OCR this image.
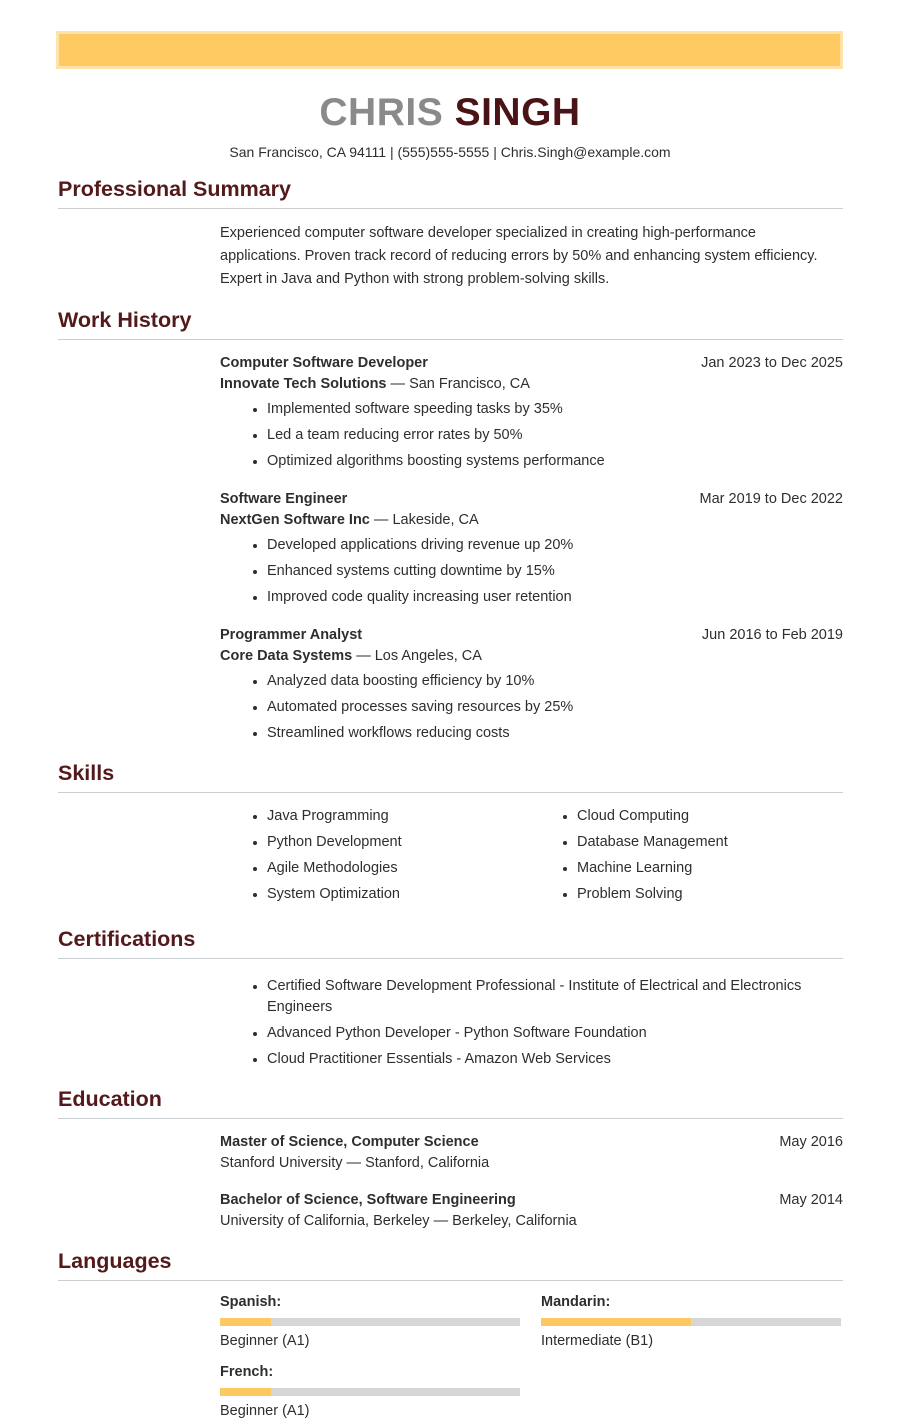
CHRIS SINGH
San Francisco, CA 94111 | (555)555-5555 | Chris.Singh@example.com
Professional Summary

Experienced computer software developer specialized in creating high-performance applications. Proven track record of reducing errors by 50% and enhancing system efficiency. Expert in Java and Python with strong problem-solving skills.

Work History
Computer Software Developer	Jan 2023 to Dec 2025
Innovate Tech Solutions — San Francisco, CA
• Implemented software speeding tasks by 35%
• Led a team reducing error rates by 50%
• Optimized algorithms boosting systems performance
Software Engineer	Mar 2019 to Dec 2022
NextGen Software Inc — Lakeside, CA
• Developed applications driving revenue up 20%
• Enhanced systems cutting downtime by 15%
• Improved code quality increasing user retention
Programmer Analyst	Jun 2016 to Feb 2019
Core Data Systems — Los Angeles, CA
• Analyzed data boosting efficiency by 10%
• Automated processes saving resources by 25%
• Streamlined workflows reducing costs
Skills
• Java Programming
• Python Development
• Agile Methodologies
• System Optimization
• Cloud Computing
• Database Management
• Machine Learning
• Problem Solving
Certifications
• Certified Software Development Professional - Institute of Electrical and Electronics Engineers
• Advanced Python Developer - Python Software Foundation
• Cloud Practitioner Essentials - Amazon Web Services
Education
Master of Science, Computer Science	May 2016
Stanford University — Stanford, California
Bachelor of Science, Software Engineering	May 2014
University of California, Berkeley — Berkeley, California
Languages
Spanish:
Beginner (A1)
Mandarin:
Intermediate (B1)
French:
Beginner (A1)
